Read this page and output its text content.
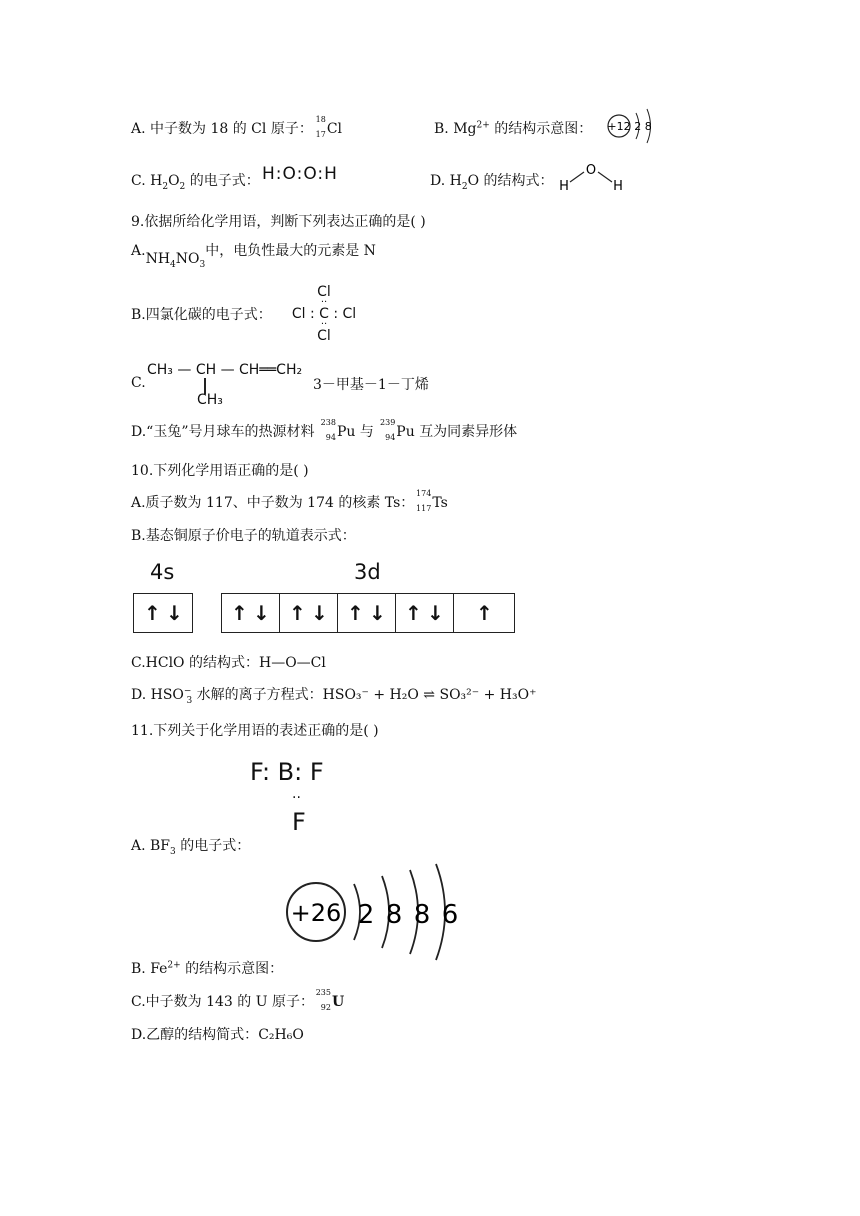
A. 中子数为 18 的 Cl 原子：
18
17 Cl	B. $Mg^{2+}$ 的结构示意图： +12 2 8
C. $H_2O_2$ 的电子式： H:O:O:H	D. $H_2O$ 的结构式：
O
H	H
9.依据所给化学用语，判断下列表达正确的是( )
$A.NH_4NO_3$中，电负性最大的元素是 N
B.四氯化碳的电子式：
Cl
··
Cl : C : Cl
··
Cl
C.
CH₃ — CH — CH══CH₂
CH₃
3－甲基－1－丁烯
D.“玉兔”号月球车的热源材料
238
94 Pu 与
239
94 Pu 互为同素异形体
10.下列化学用语正确的是( )
A.质子数为 117、中子数为 174 的核素 Ts：
174
117 Ts
B.基态铜原子价电子的轨道表示式：
4s	3d
↑ ↓ ↑ ↓ ↑ ↓ ↑ ↓ ↑ ↓ ↑
C.HClO 的结构式：H—O—Cl
D. $HSO^-_3$ 水解的离子方程式：HSO₃⁻ + H₂O ⇌ SO₃²⁻ + H₃O⁺
11.下列关于化学用语的表述正确的是( )
F: B: F
··
F
A. $BF_3$ 的电子式：
+26 2 8 8 6
B. $Fe^{2+}$ 的结构示意图：
C.中子数为 143 的 U 原子：
235
92 U
D.乙醇的结构简式：C₂H₆O
